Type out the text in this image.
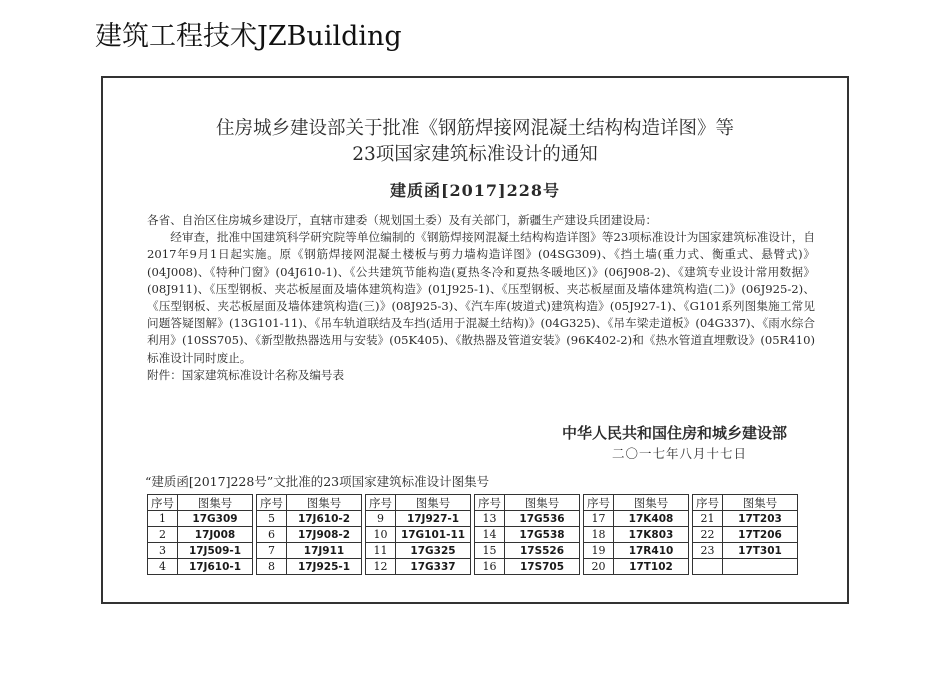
建筑工程技术JZBuilding
住房城乡建设部关于批准《钢筋焊接网混凝土结构构造详图》等
23项国家建筑标准设计的通知
建质函[2017]228号

各省、自治区住房城乡建设厅，直辖市建委（规划国土委）及有关部门，新疆生产建设兵团建设局：

经审查，批准中国建筑科学研究院等单位编制的《钢筋焊接网混凝土结构构造详图》等23项标准设计为国家建筑标准设计，自2017年9月1日起实施。原《钢筋焊接网混凝土楼板与剪力墙构造详图》(04SG309)、《挡土墙(重力式、衡重式、悬臂式)》(04J008)、《特种门窗》(04J610-1)、《公共建筑节能构造(夏热冬冷和夏热冬暖地区)》(06J908-2)、《建筑专业设计常用数据》(08J911)、《压型钢板、夹芯板屋面及墙体建筑构造》(01J925-1)、《压型钢板、夹芯板屋面及墙体建筑构造(二)》(06J925-2)、《压型钢板、夹芯板屋面及墙体建筑构造(三)》(08J925-3)、《汽车库(坡道式)建筑构造》(05J927-1)、《G101系列图集施工常见问题答疑图解》(13G101-11)、《吊车轨道联结及车挡(适用于混凝土结构)》(04G325)、《吊车梁走道板》(04G337)、《雨水综合利用》(10SS705)、《新型散热器选用与安装》(05K405)、《散热器及管道安装》(96K402-2)和《热水管道直埋敷设》(05R410)标准设计同时废止。

附件：国家建筑标准设计名称及编号表

中华人民共和国住房和城乡建设部
二〇一七年八月十七日
“建质函[2017]228号”文批准的23项国家建筑标准设计图集号
序号	图集号		序号	图集号		序号	图集号		序号	图集号		序号	图集号		序号	图集号
1	17G309		5	17J610-2		9	17J927-1		13	17G536		17	17K408		21	17T203
2	17J008		6	17J908-2		10	17G101-11		14	17G538		18	17K803		22	17T206
3	17J509-1		7	17J911		11	17G325		15	17S526		19	17R410		23	17T301
4	17J610-1		8	17J925-1		12	17G337		16	17S705		20	17T102			
